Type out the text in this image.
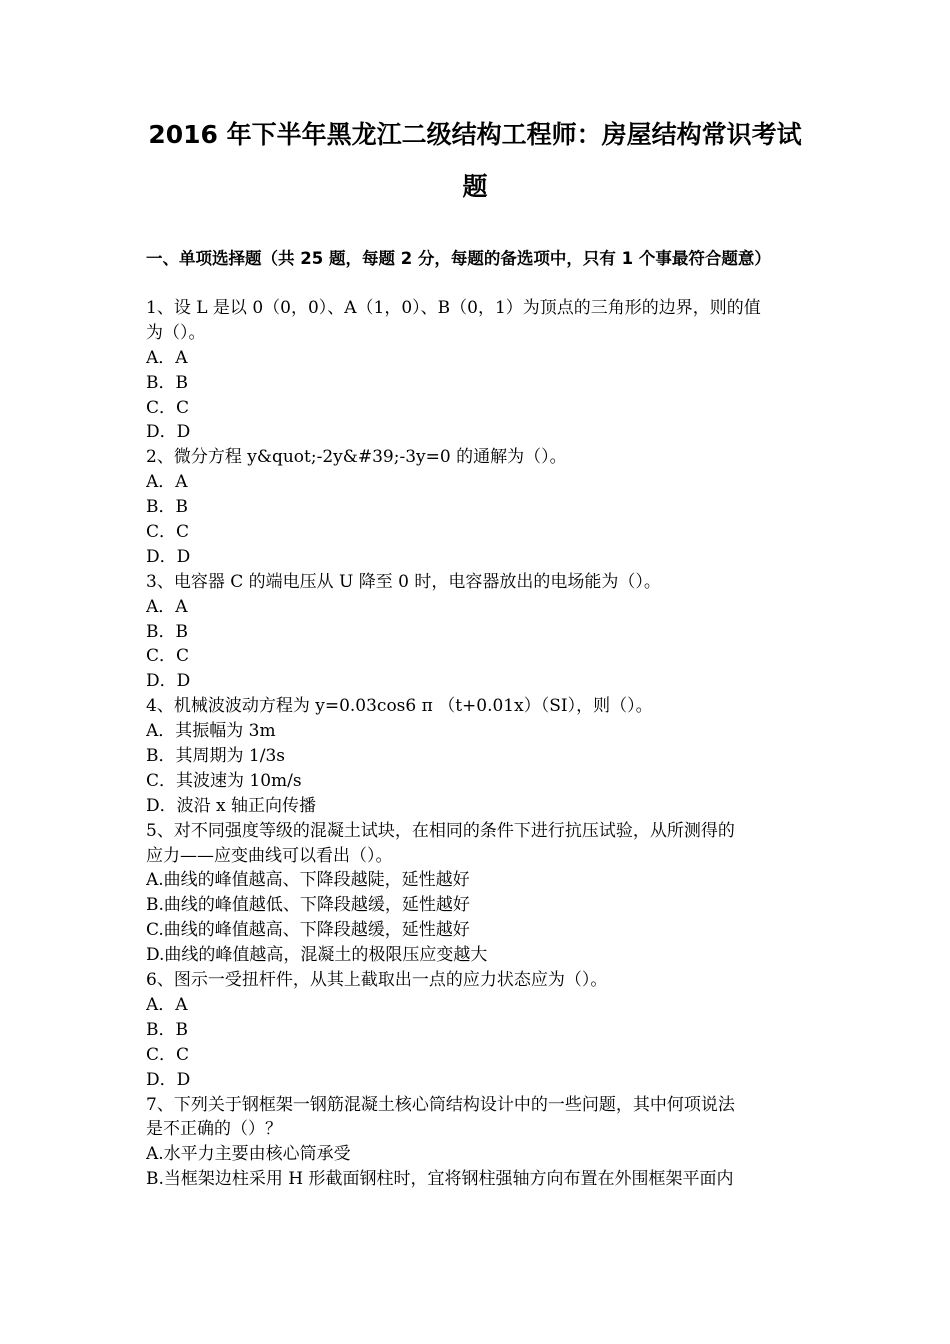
2016 年下半年黑龙江二级结构工程师：房屋结构常识考试
题
一、单项选择题（共 25 题，每题 2 分，每题的备选项中，只有 1 个事最符合题意）
1、设 L 是以 0（0，0）、A（1，0）、B（0，1）为顶点的三角形的边界，则的值
为（）。
A．A
B．B
C．C
D．D
2、微分方程 y&quot;-2y&#39;-3y=0 的通解为（）。
A．A
B．B
C．C
D．D
3、电容器 C 的端电压从 U 降至 0 时，电容器放出的电场能为（）。
A．A
B．B
C．C
D．D
4、机械波波动方程为 y=0.03cos6 π （t+0.01x）（SI），则（）。
A．其振幅为 3m
B．其周期为 1/3s
C．其波速为 10m/s
D．波沿 x 轴正向传播
5、对不同强度等级的混凝土试块，在相同的条件下进行抗压试验，从所测得的
应力——应变曲线可以看出（）。
A.曲线的峰值越高、下降段越陡，延性越好
B.曲线的峰值越低、下降段越缓，延性越好
C.曲线的峰值越高、下降段越缓，延性越好
D.曲线的峰值越高，混凝土的极限压应变越大
6、图示一受扭杆件，从其上截取出一点的应力状态应为（）。
A．A
B．B
C．C
D．D
7、下列关于钢框架一钢筋混凝土核心筒结构设计中的一些问题，其中何项说法
是不正确的（）？
A.水平力主要由核心筒承受
B.当框架边柱采用 H 形截面钢柱时，宜将钢柱强轴方向布置在外围框架平面内
